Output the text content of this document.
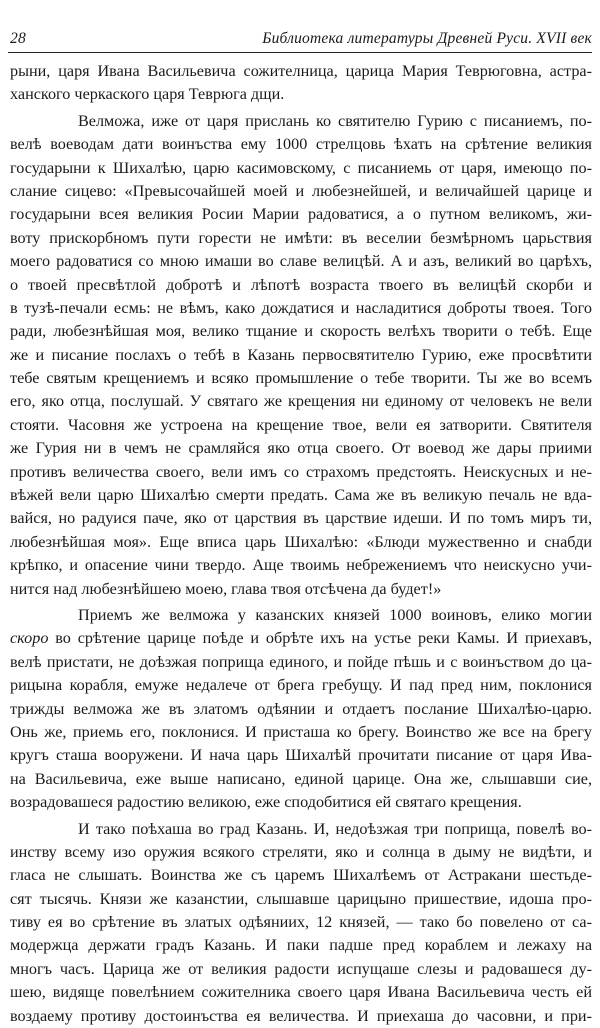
28	Библиотека литературы Древней Руси. XVII век
рыни, царя Ивана Васильевича сожителница, царица Мария Теврюговна, астра-
ханского черкаского царя Теврюга дщи.
Велможа, иже от царя прислань ко святителю Гурию с писаниемъ, по-
велѣ воеводам дати воинъства ему 1000 стрелцовь ѣхать на срѣтение великия
государыни к Шихалѣю, царю касимовскому, с писаниемь от царя, имеющо по-
слание сицево: «Превысочайшей моей и любезнейшей, и величайшей царице и
государыни всея великия Росии Марии радоватися, а о путном великомъ, жи-
воту прискорбномъ пути горести не имѣти: въ веселии безмѣрномъ царьствия
моего радоватися со мною имаши во славе велицѣй. А и азъ, великий во царѣхъ,
о твоей пресвѣтлой добротѣ и лѣпотѣ возраста твоего въ велицѣй скорби и
в тузѣ-печали есмь: не вѣмъ, како дождатися и насладитися доброты твоея. Того
ради, любезнѣйшая моя, велико тщание и скорость велѣхъ творити о тебѣ. Еще
же и писание послахъ о тебѣ в Казань первосвятителю Гурию, еже просвѣтити
тебе святым крещениемъ и всяко промышление о тебе творити. Ты же во всемъ
его, яко отца, послушай. У святаго же крещения ни единому от человекъ не вели
стояти. Часовня же устроена на крещение твое, вели ея затворити. Святителя
же Гурия ни в чемъ не срамляйся яко отца своего. От воевод же дары приими
противъ величества своего, вели имъ со страхомъ предстоять. Неискусных и не-
вѣжей вели царю Шихалѣю смерти предать. Сама же въ великую печаль не вда-
вайся, но радуися паче, яко от царствия въ царствие идеши. И по томъ миръ ти,
любезнѣйшая моя». Еще вписа царь Шихалѣю: «Блюди мужественно и снабди
крѣпко, и опасение чини твердо. Аще твоимь небрежениемъ что неискусно учи-
нится над любезнѣйшею моею, глава твоя отсѣчена да будет!»
Приемъ же велможа у казанских князей 1000 воиновъ, елико могии
скоро во срѣтение царице поѣде и обрѣте ихъ на устье реки Камы. И приехавъ,
велѣ пристати, не доѣзжая поприща единого, и пойде пѣшь и с воинъством до ца-
рицына корабля, емуже недалече от брега гребущу. И пад пред ним, поклонися
трижды велможа же въ златомъ одѣянии и отдаетъ послание Шихалѣю-царю.
Онь же, приемь его, поклонися. И присташа ко брегу. Воинство же все на брегу
кругъ сташа вооружени. И нача царь Шихалѣй прочитати писание от царя Ива-
на Васильевича, еже выше написано, единой царице. Она же, слышавши сие,
возрадовашеся радостию великою, еже сподобитися ей святаго крещения.
И тако поѣхаша во град Казань. И, недоѣзжая три поприща, повелѣ во-
инству всему изо оружия всякого стреляти, яко и солнца в дыму не видѣти, и
гласа не слышать. Воинства же съ царемъ Шихалѣемъ от Астракани шестьде-
сят тысячь. Князи же казанстии, слышавше царицыно пришествие, идоша про-
тиву ея во срѣтение въ златых одѣяниих, 12 князей, — тако бо повелено от са-
модержца держати градъ Казань. И паки падше пред кораблем и лежаху на
многъ часъ. Царица же от великия радости испущаше слезы и радовашеся ду-
шею, видяще повелѣнием сожителника своего царя Ивана Васильевича честь ей
воздаему противу достоинъства ея величества. И приехаша до часовни, и при-
